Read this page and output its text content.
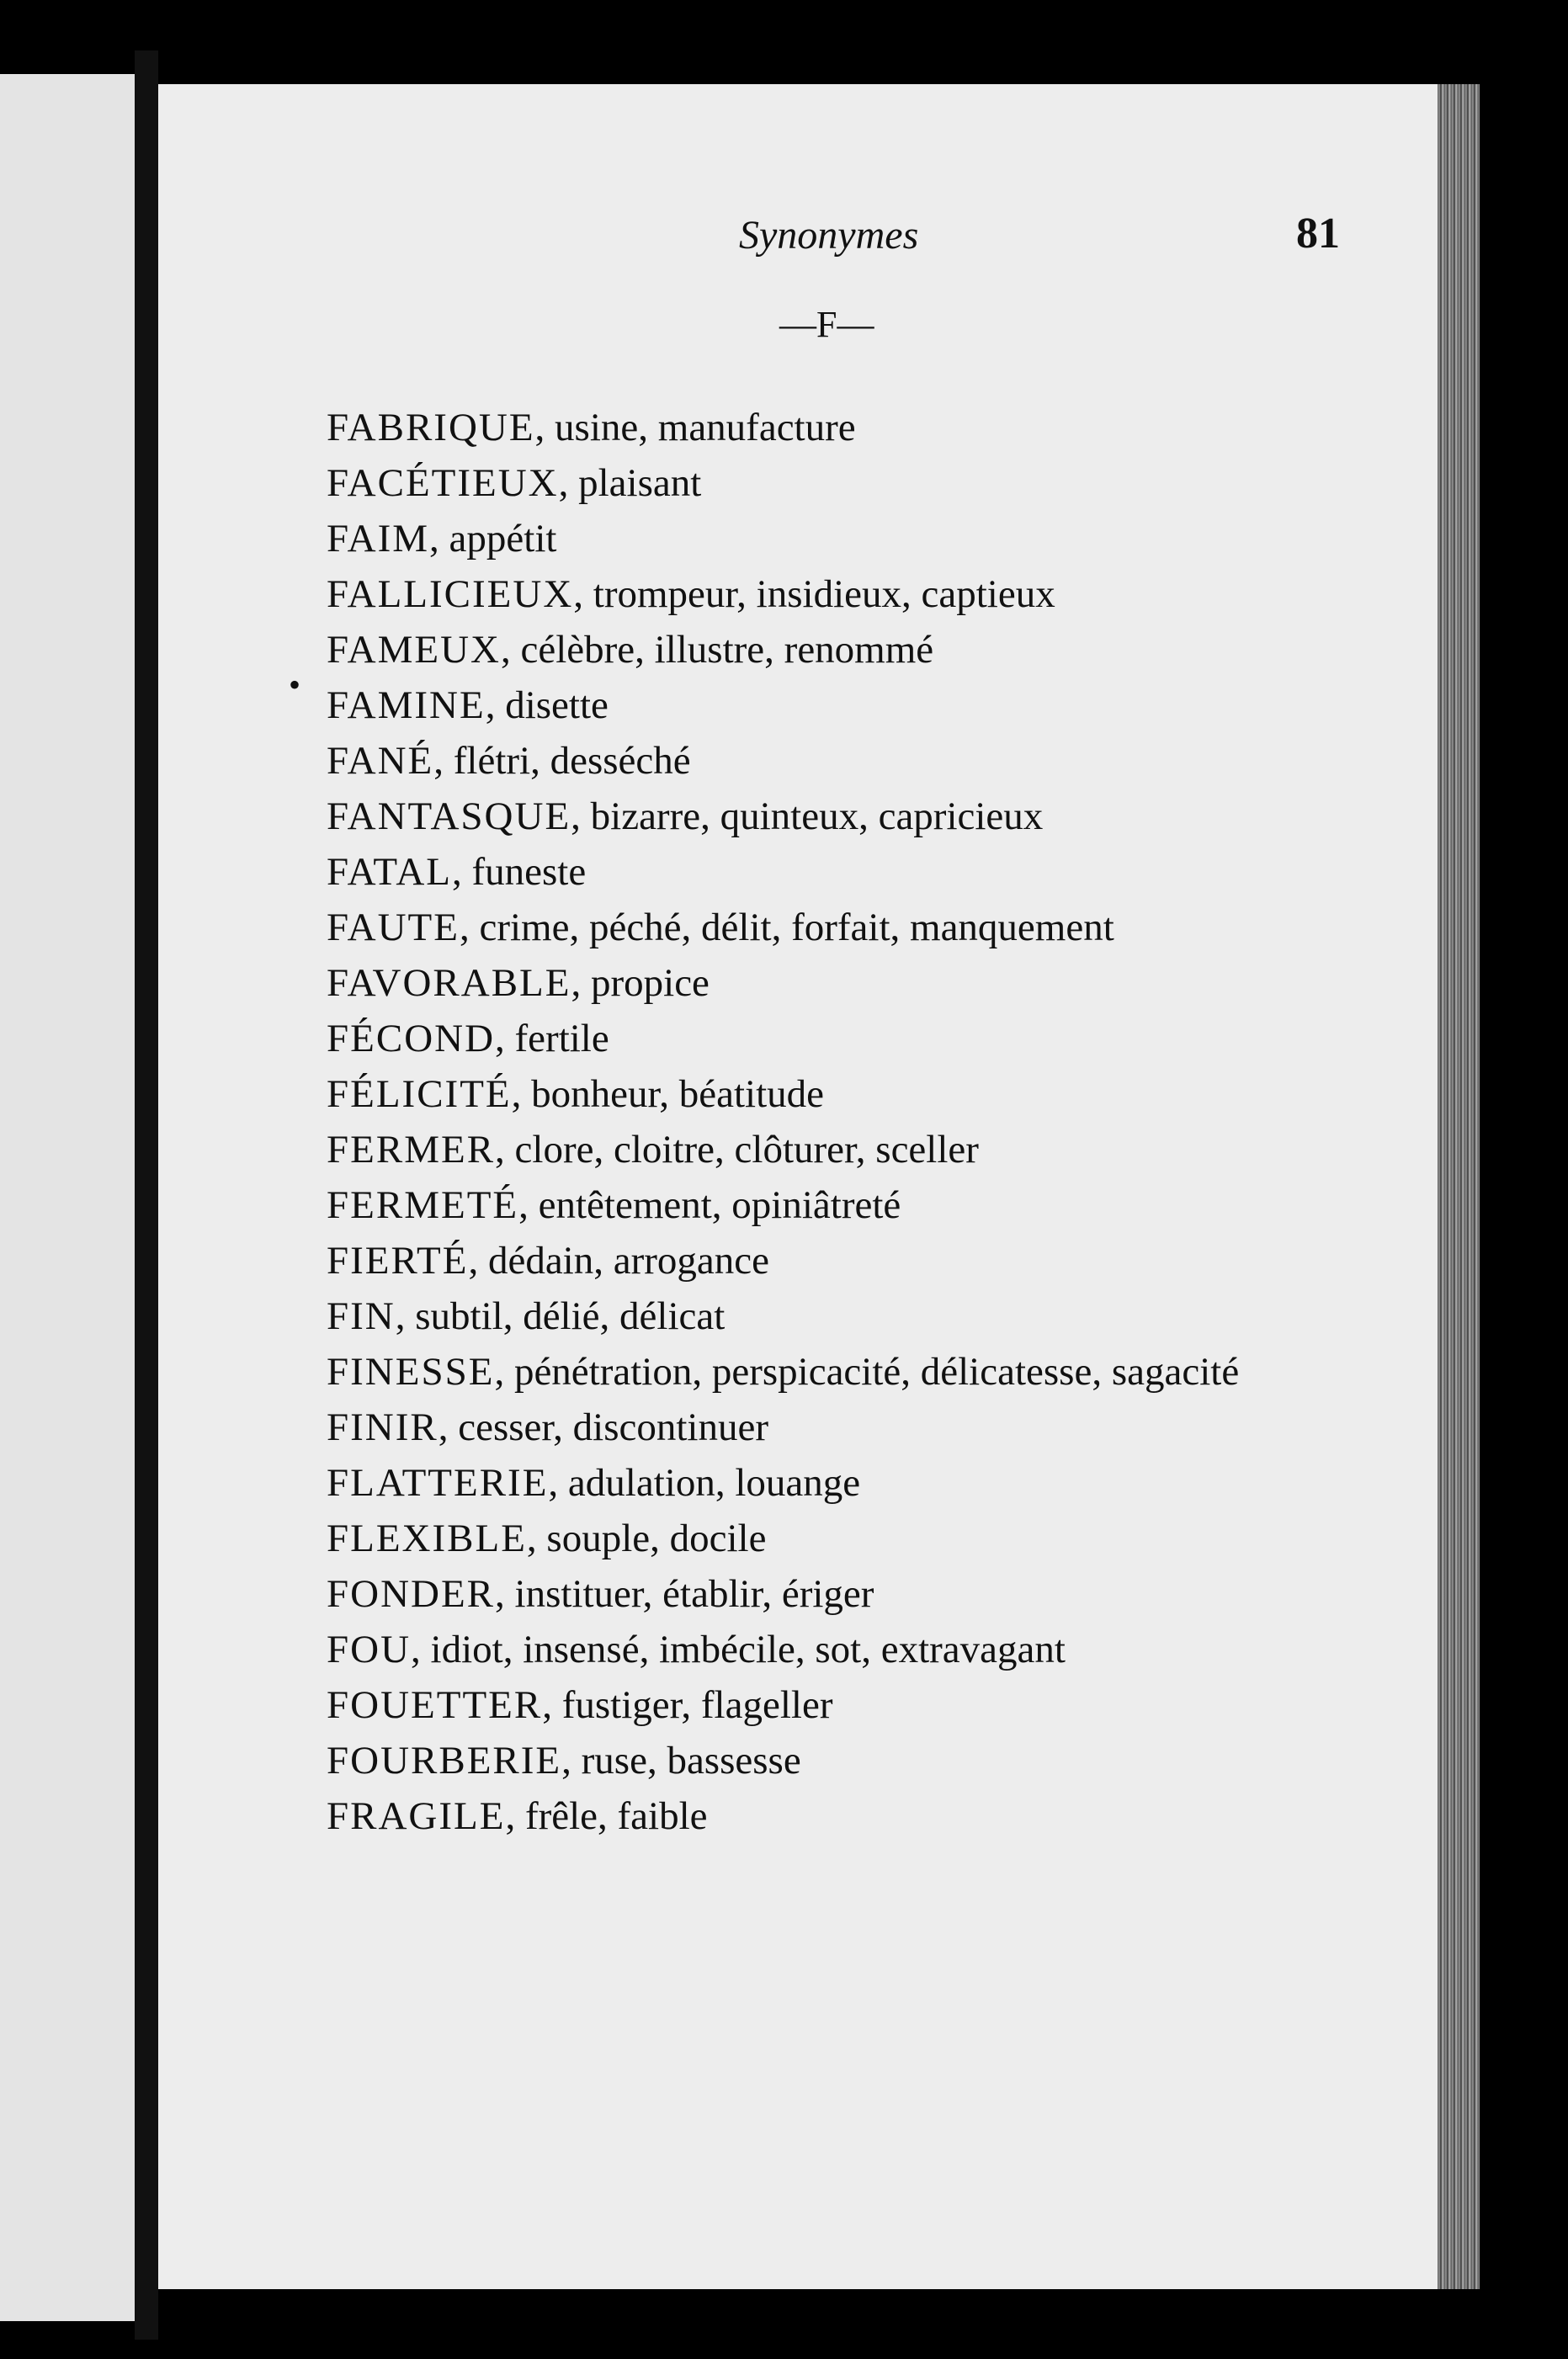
Synonymes	81
—F—
•
FABRIQUE, usine, manufacture
FACÉTIEUX, plaisant
FAIM, appétit
FALLICIEUX, trompeur, insidieux, captieux
FAMEUX, célèbre, illustre, renommé
FAMINE, disette
FANÉ, flétri, desséché
FANTASQUE, bizarre, quinteux, capricieux
FATAL, funeste
FAUTE, crime, péché, délit, forfait, manquement
FAVORABLE, propice
FÉCOND, fertile
FÉLICITÉ, bonheur, béatitude
FERMER, clore, cloitre, clôturer, sceller
FERMETÉ, entêtement, opiniâtreté
FIERTÉ, dédain, arrogance
FIN, subtil, délié, délicat
FINESSE, pénétration, perspicacité, délicatesse, sagacité
FINIR, cesser, discontinuer
FLATTERIE, adulation, louange
FLEXIBLE, souple, docile
FONDER, instituer, établir, ériger
FOU, idiot, insensé, imbécile, sot, extravagant
FOUETTER, fustiger, flageller
FOURBERIE, ruse, bassesse
FRAGILE, frêle, faible
